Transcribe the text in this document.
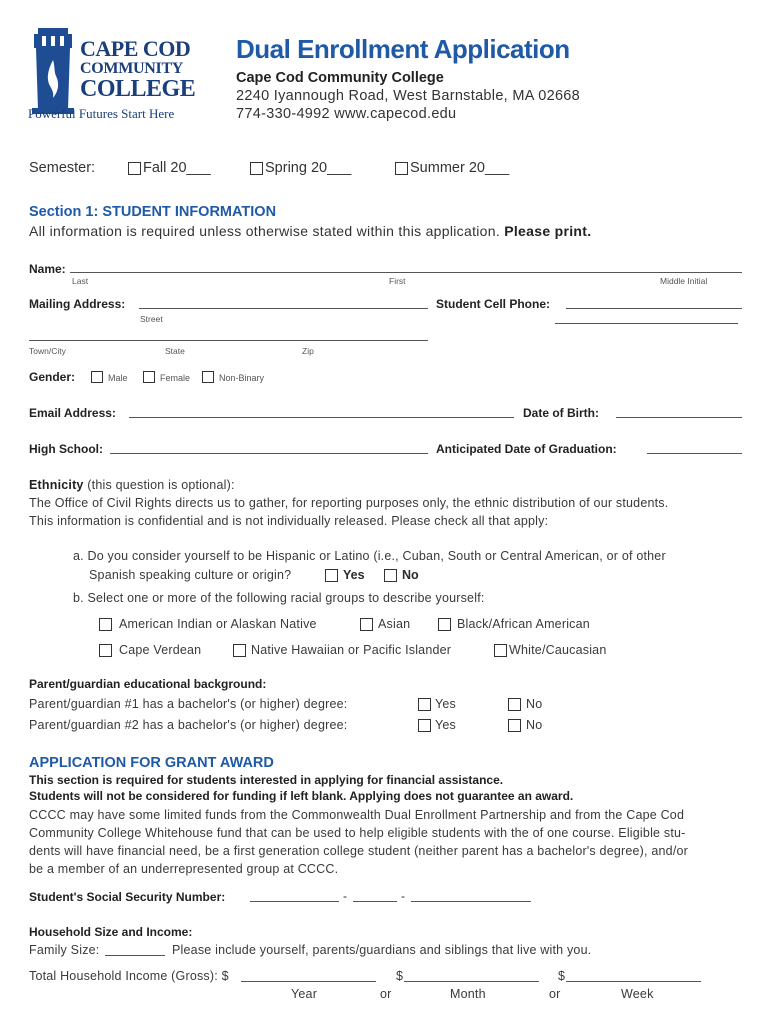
CAPE COD
COMMUNITY
COLLEGE
Powerful Futures Start Here
Dual Enrollment Application
Cape Cod Community College
2240 Iyannough Road, West Barnstable, MA 02668
774-330-4992 www.capecod.edu
Semester:	Fall 20___	Spring 20___	Summer 20___
Section 1: STUDENT INFORMATION
All information is required unless otherwise stated within this application. Please print.
Name:
Last	First	Middle Initial
Mailing Address:
Street
Student Cell Phone:
Town/City	State	Zip
Gender:	Male	Female	Non-Binary
Email Address:	Date of Birth:
High School:	Anticipated Date of Graduation:
Ethnicity (this question is optional):
The Office of Civil Rights directs us to gather, for reporting purposes only, the ethnic distribution of our students.
This information is confidential and is not individually released. Please check all that apply:
a. Do you consider yourself to be Hispanic or Latino (i.e., Cuban, South or Central American, or of other
Spanish speaking culture or origin?	Yes	No
b. Select one or more of the following racial groups to describe yourself:
American Indian or Alaskan Native	Asian	Black/African American
Cape Verdean	Native Hawaiian or Pacific Islander	White/Caucasian
Parent/guardian educational background:
Parent/guardian #1 has a bachelor's (or higher) degree:	Yes	No
Parent/guardian #2 has a bachelor's (or higher) degree:	Yes	No
APPLICATION FOR GRANT AWARD
This section is required for students interested in applying for financial assistance.
Students will not be considered for funding if left blank. Applying does not guarantee an award.
CCCC may have some limited funds from the Commonwealth Dual Enrollment Partnership and from the Cape Cod
Community College Whitehouse fund that can be used to help eligible students with the of one course. Eligible stu-
dents will have financial need, be a first generation college student (neither parent has a bachelor's degree), and/or
be a member of an underrepresented group at CCCC.
Student's Social Security Number:	-	-
Household Size and Income:
Family Size:	Please include yourself, parents/guardians and siblings that live with you.
Total Household Income (Gross): $	$	$
Year	or	Month	or	Week
